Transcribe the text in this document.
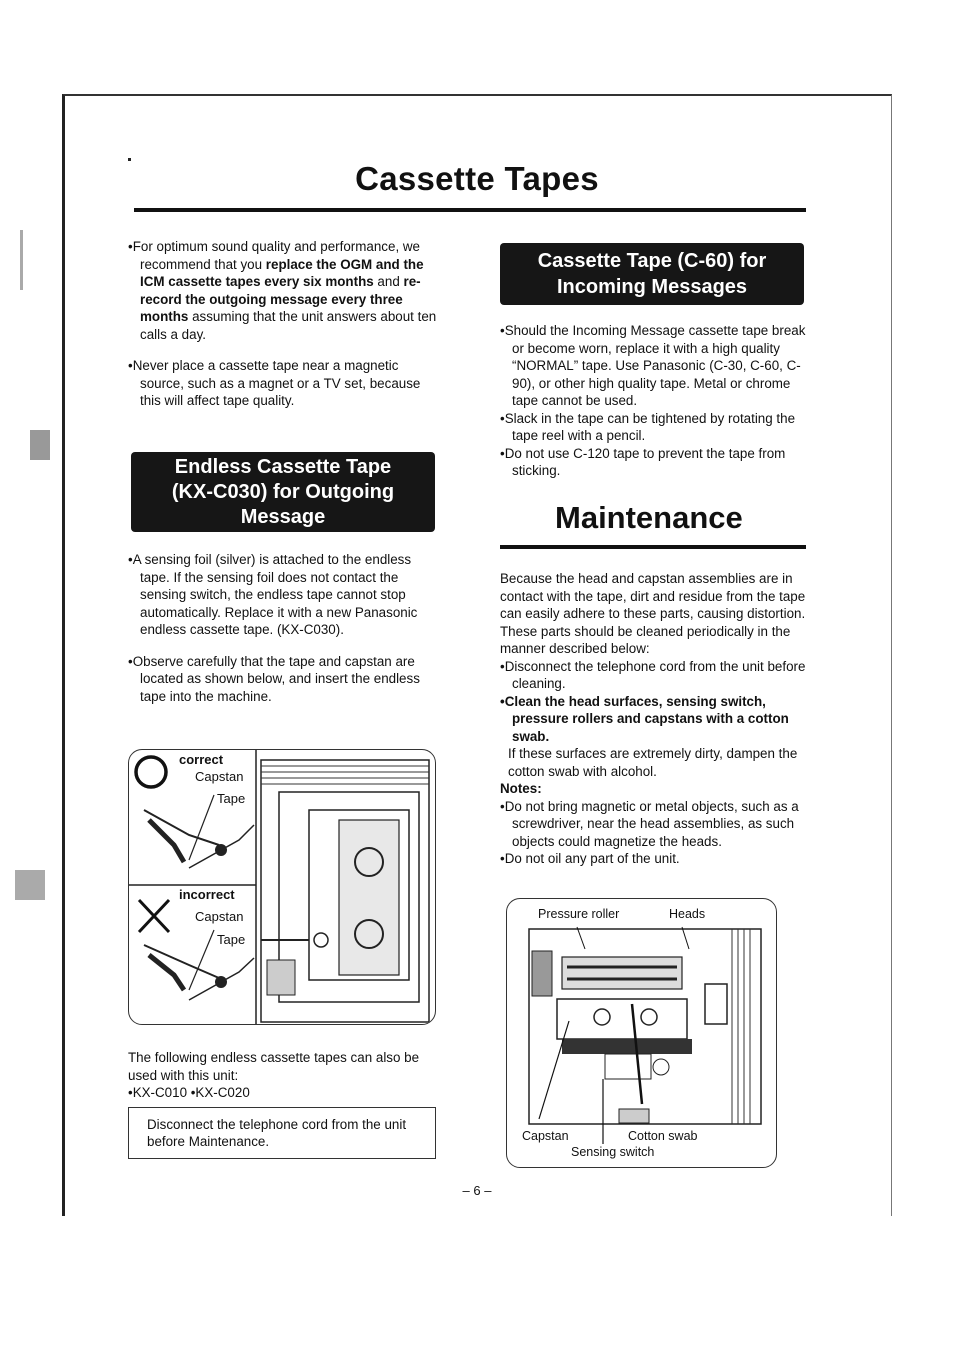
Cassette Tapes

•For optimum sound quality and performance, we recommend that you replace the OGM and the ICM cassette tapes every six months and re-record the outgoing message every three months assuming that the unit answers about ten calls a day.

•Never place a cassette tape near a magnetic source, such as a magnet or a TV set, because this will affect tape quality.

Endless Cassette Tape
(KX-C030) for Outgoing
Message

•A sensing foil (silver) is attached to the endless tape. If the sensing foil does not contact the sensing switch, the endless tape cannot stop automatically. Replace it with a new Panasonic endless cassette tape. (KX-C030).

•Observe carefully that the tape and capstan are located as shown below, and insert the endless tape into the machine.

correct
Capstan
Tape
incorrect
Capstan
Tape

The following endless cassette tapes can also be used with this unit:

•KX-C010 •KX-C020

Disconnect the telephone cord from the unit before Maintenance.
Cassette Tape (C-60) for
Incoming Messages

•Should the Incoming Message cassette tape break or become worn, replace it with a high quality “NORMAL” tape. Use Panasonic (C-30, C-60, C-90), or other high quality tape. Metal or chrome tape cannot be used.

•Slack in the tape can be tightened by rotating the tape reel with a pencil.

•Do not use C-120 tape to prevent the tape from sticking.

Maintenance

Because the head and capstan assemblies are in contact with the tape, dirt and residue from the tape can easily adhere to these parts, causing distortion. These parts should be cleaned periodically in the manner described below:

•Disconnect the telephone cord from the unit before cleaning.

•Clean the head surfaces, sensing switch, pressure rollers and capstans with a cotton swab.

If these surfaces are extremely dirty, dampen the cotton swab with alcohol.

Notes:

•Do not bring magnetic or metal objects, such as a screwdriver, near the head assemblies, as such objects could magnetize the heads.

•Do not oil any part of the unit.

Pressure roller	Heads
Capstan	Cotton swab
Sensing switch
– 6 –
